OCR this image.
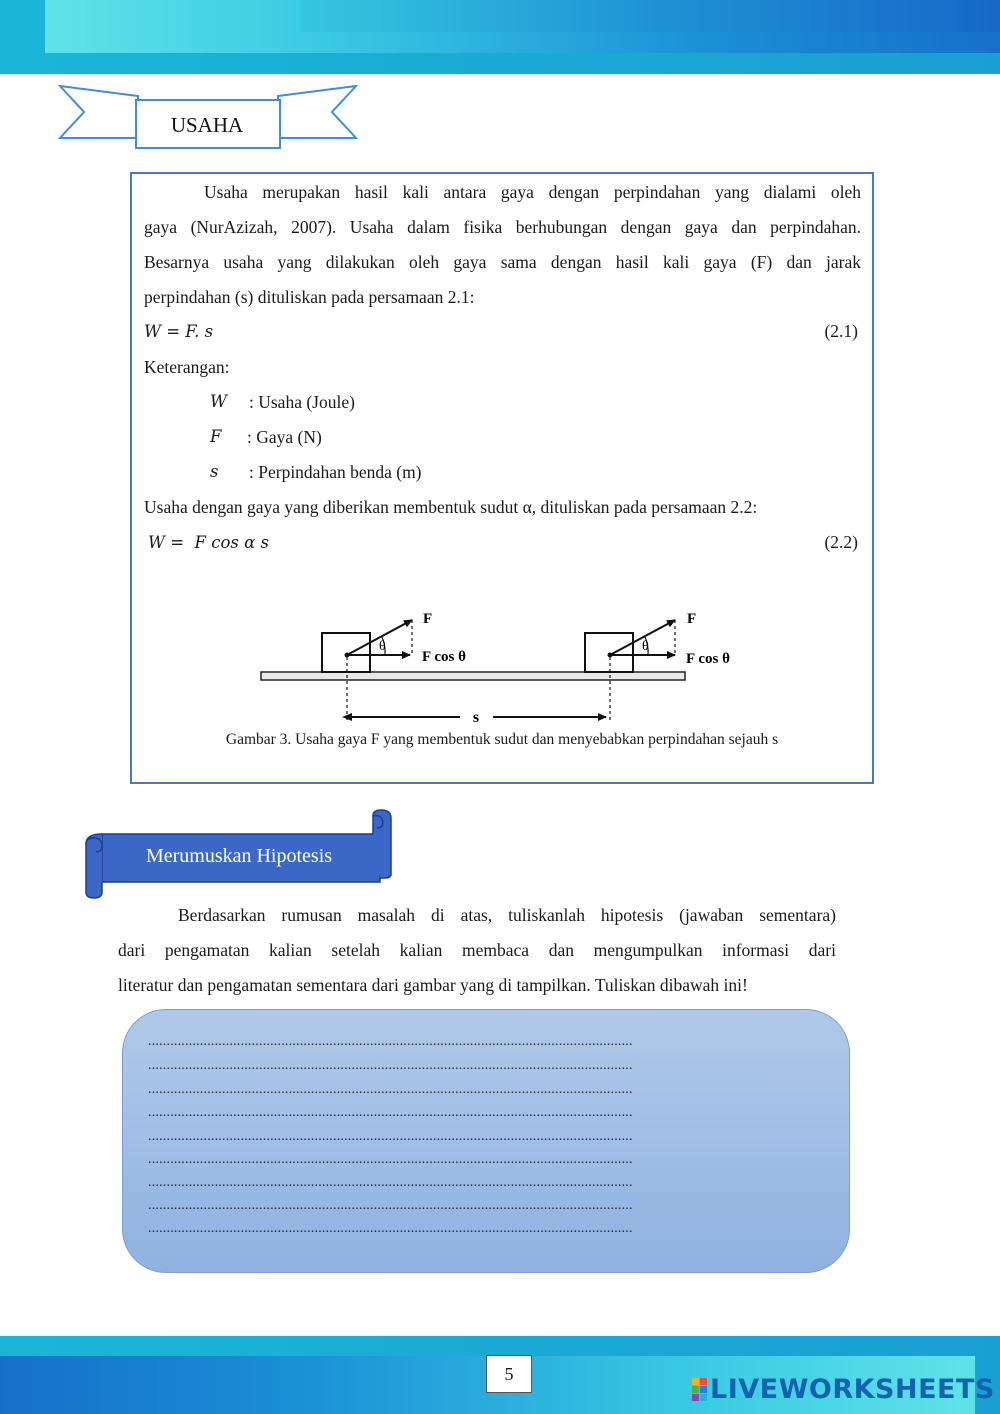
USAHA
Usaha merupakan hasil kali antara gaya dengan perpindahan yang dialami oleh
gaya (NurAzizah, 2007). Usaha dalam fisika berhubungan dengan gaya dan perpindahan.
Besarnya usaha yang dilakukan oleh gaya sama dengan hasil kali gaya (F) dan jarak
perpindahan (s) dituliskan pada persamaan 2.1:
W = F. s	(2.1)
Keterangan:
W : Usaha (Joule)
F : Gaya (N)
s : Perpindahan benda (m)
Usaha dengan gaya yang diberikan membentuk sudut α, dituliskan pada persamaan 2.2:
W =  F cos α s	(2.2)
F
θ
F cos θ
F
θ
F cos θ
s
Gambar 3. Usaha gaya F yang membentuk sudut dan menyebabkan perpindahan sejauh s
Merumuskan Hipotesis
Berdasarkan rumusan masalah di atas, tuliskanlah hipotesis (jawaban sementara)
dari pengamatan kalian setelah kalian membaca dan mengumpulkan informasi dari
literatur dan pengamatan sementara dari gambar yang di tampilkan. Tuliskan dibawah ini!
...................................................................................................................................
...................................................................................................................................
...................................................................................................................................
...................................................................................................................................
...................................................................................................................................
...................................................................................................................................
...................................................................................................................................
...................................................................................................................................
...................................................................................................................................
5	LIVEWORKSHEETS
